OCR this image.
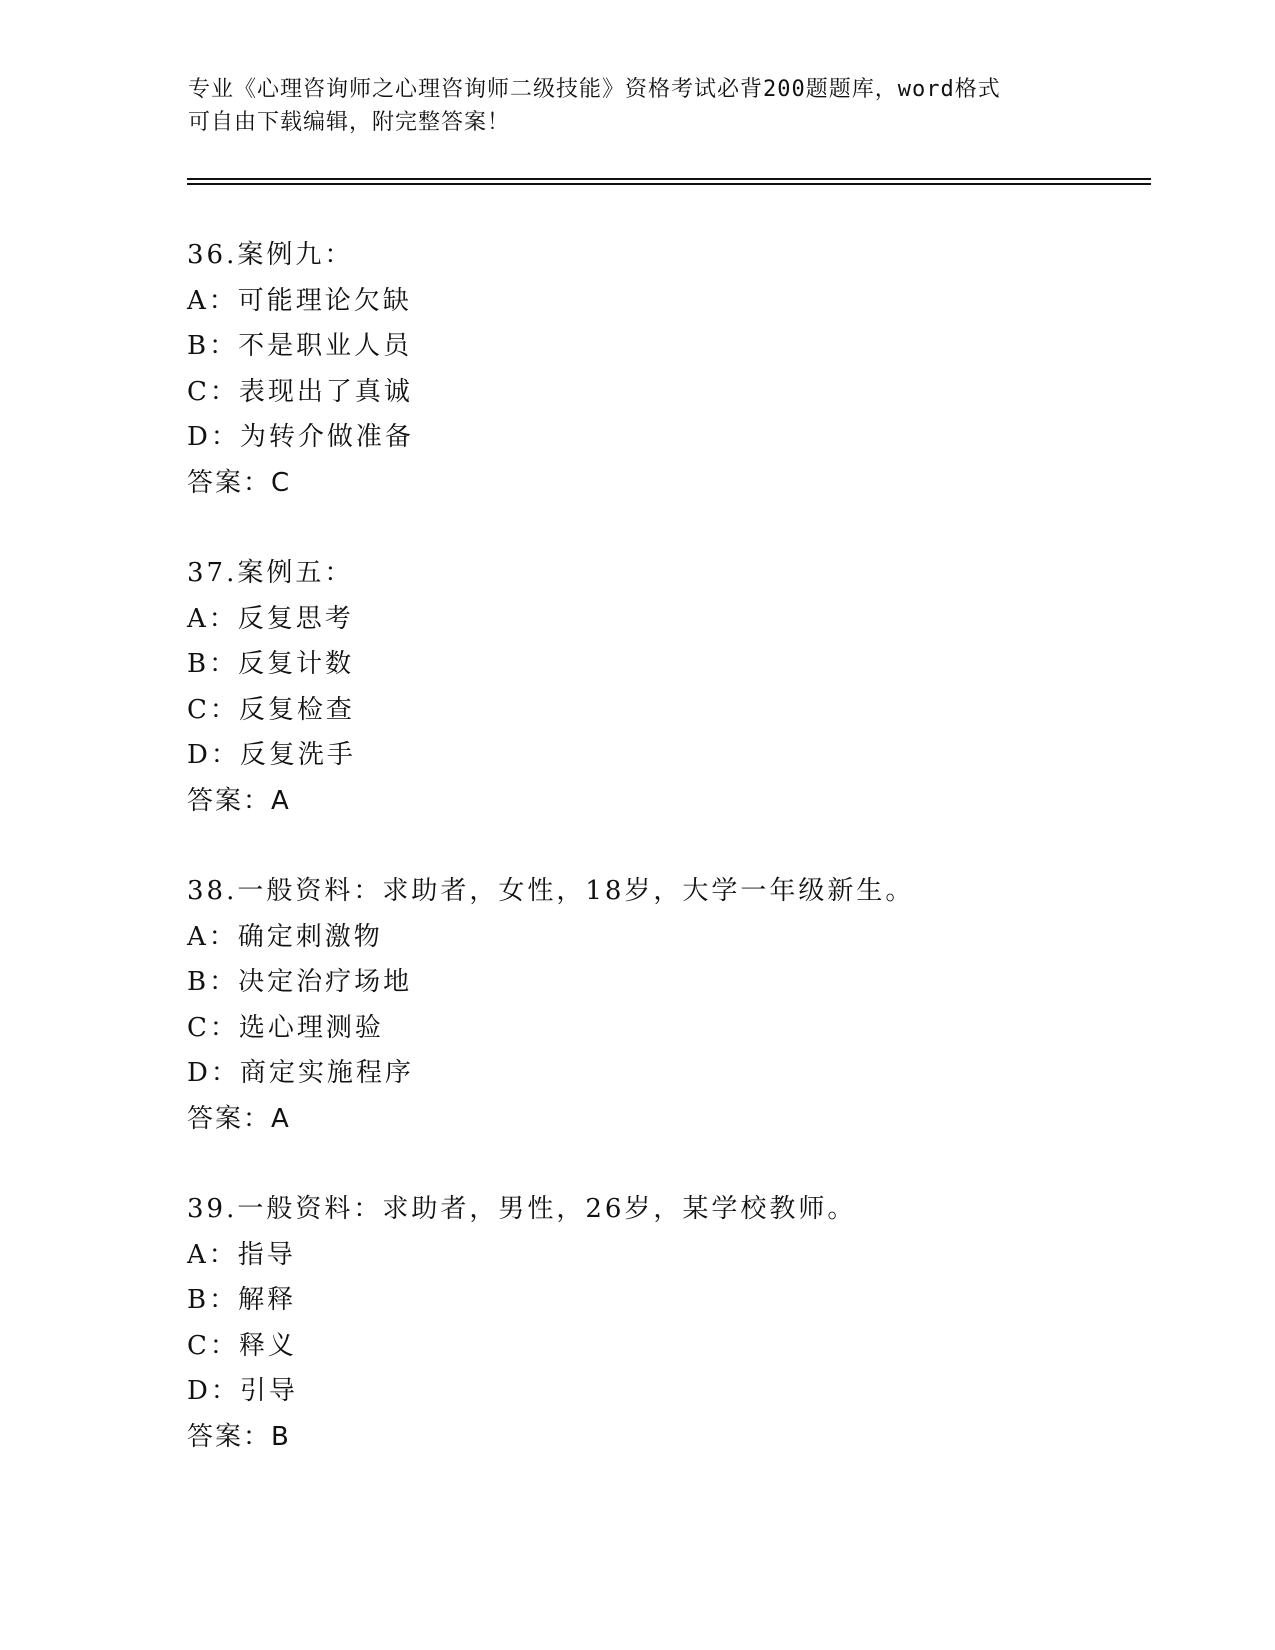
专业《心理咨询师之心理咨询师二级技能》资格考试必背200题题库，word格式
可自由下载编辑，附完整答案！
36.案例九：
A：可能理论欠缺
B：不是职业人员
C：表现出了真诚
D：为转介做准备
答案：C
37.案例五：
A：反复思考
B：反复计数
C：反复检查
D：反复洗手
答案：A
38.一般资料：求助者，女性，18岁，大学一年级新生。
A：确定刺激物
B：决定治疗场地
C：选心理测验
D：商定实施程序
答案：A
39.一般资料：求助者，男性，26岁，某学校教师。
A：指导
B：解释
C：释义
D：引导
答案：B
